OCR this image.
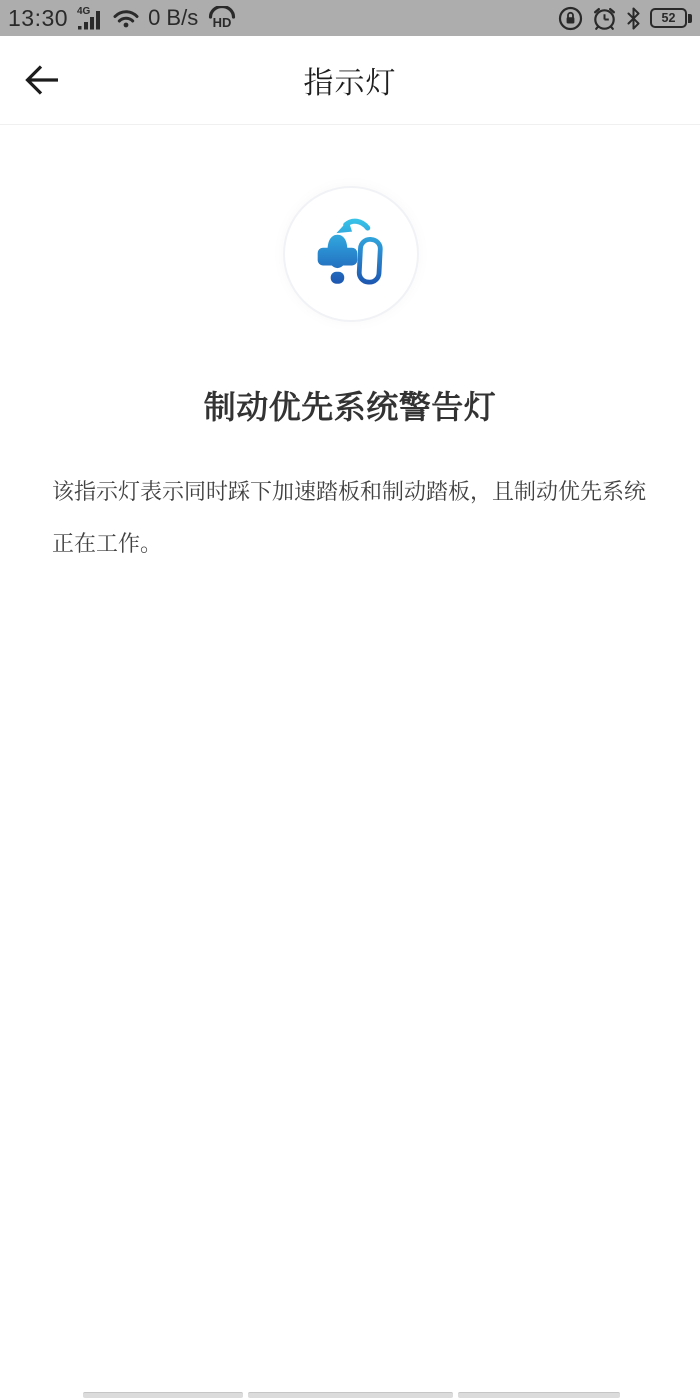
13:30 4G	0 B/s HD	52
指示灯
制动优先系统警告灯

该指示灯表示同时踩下加速踏板和制动踏板，且制动优先系统正在工作。
